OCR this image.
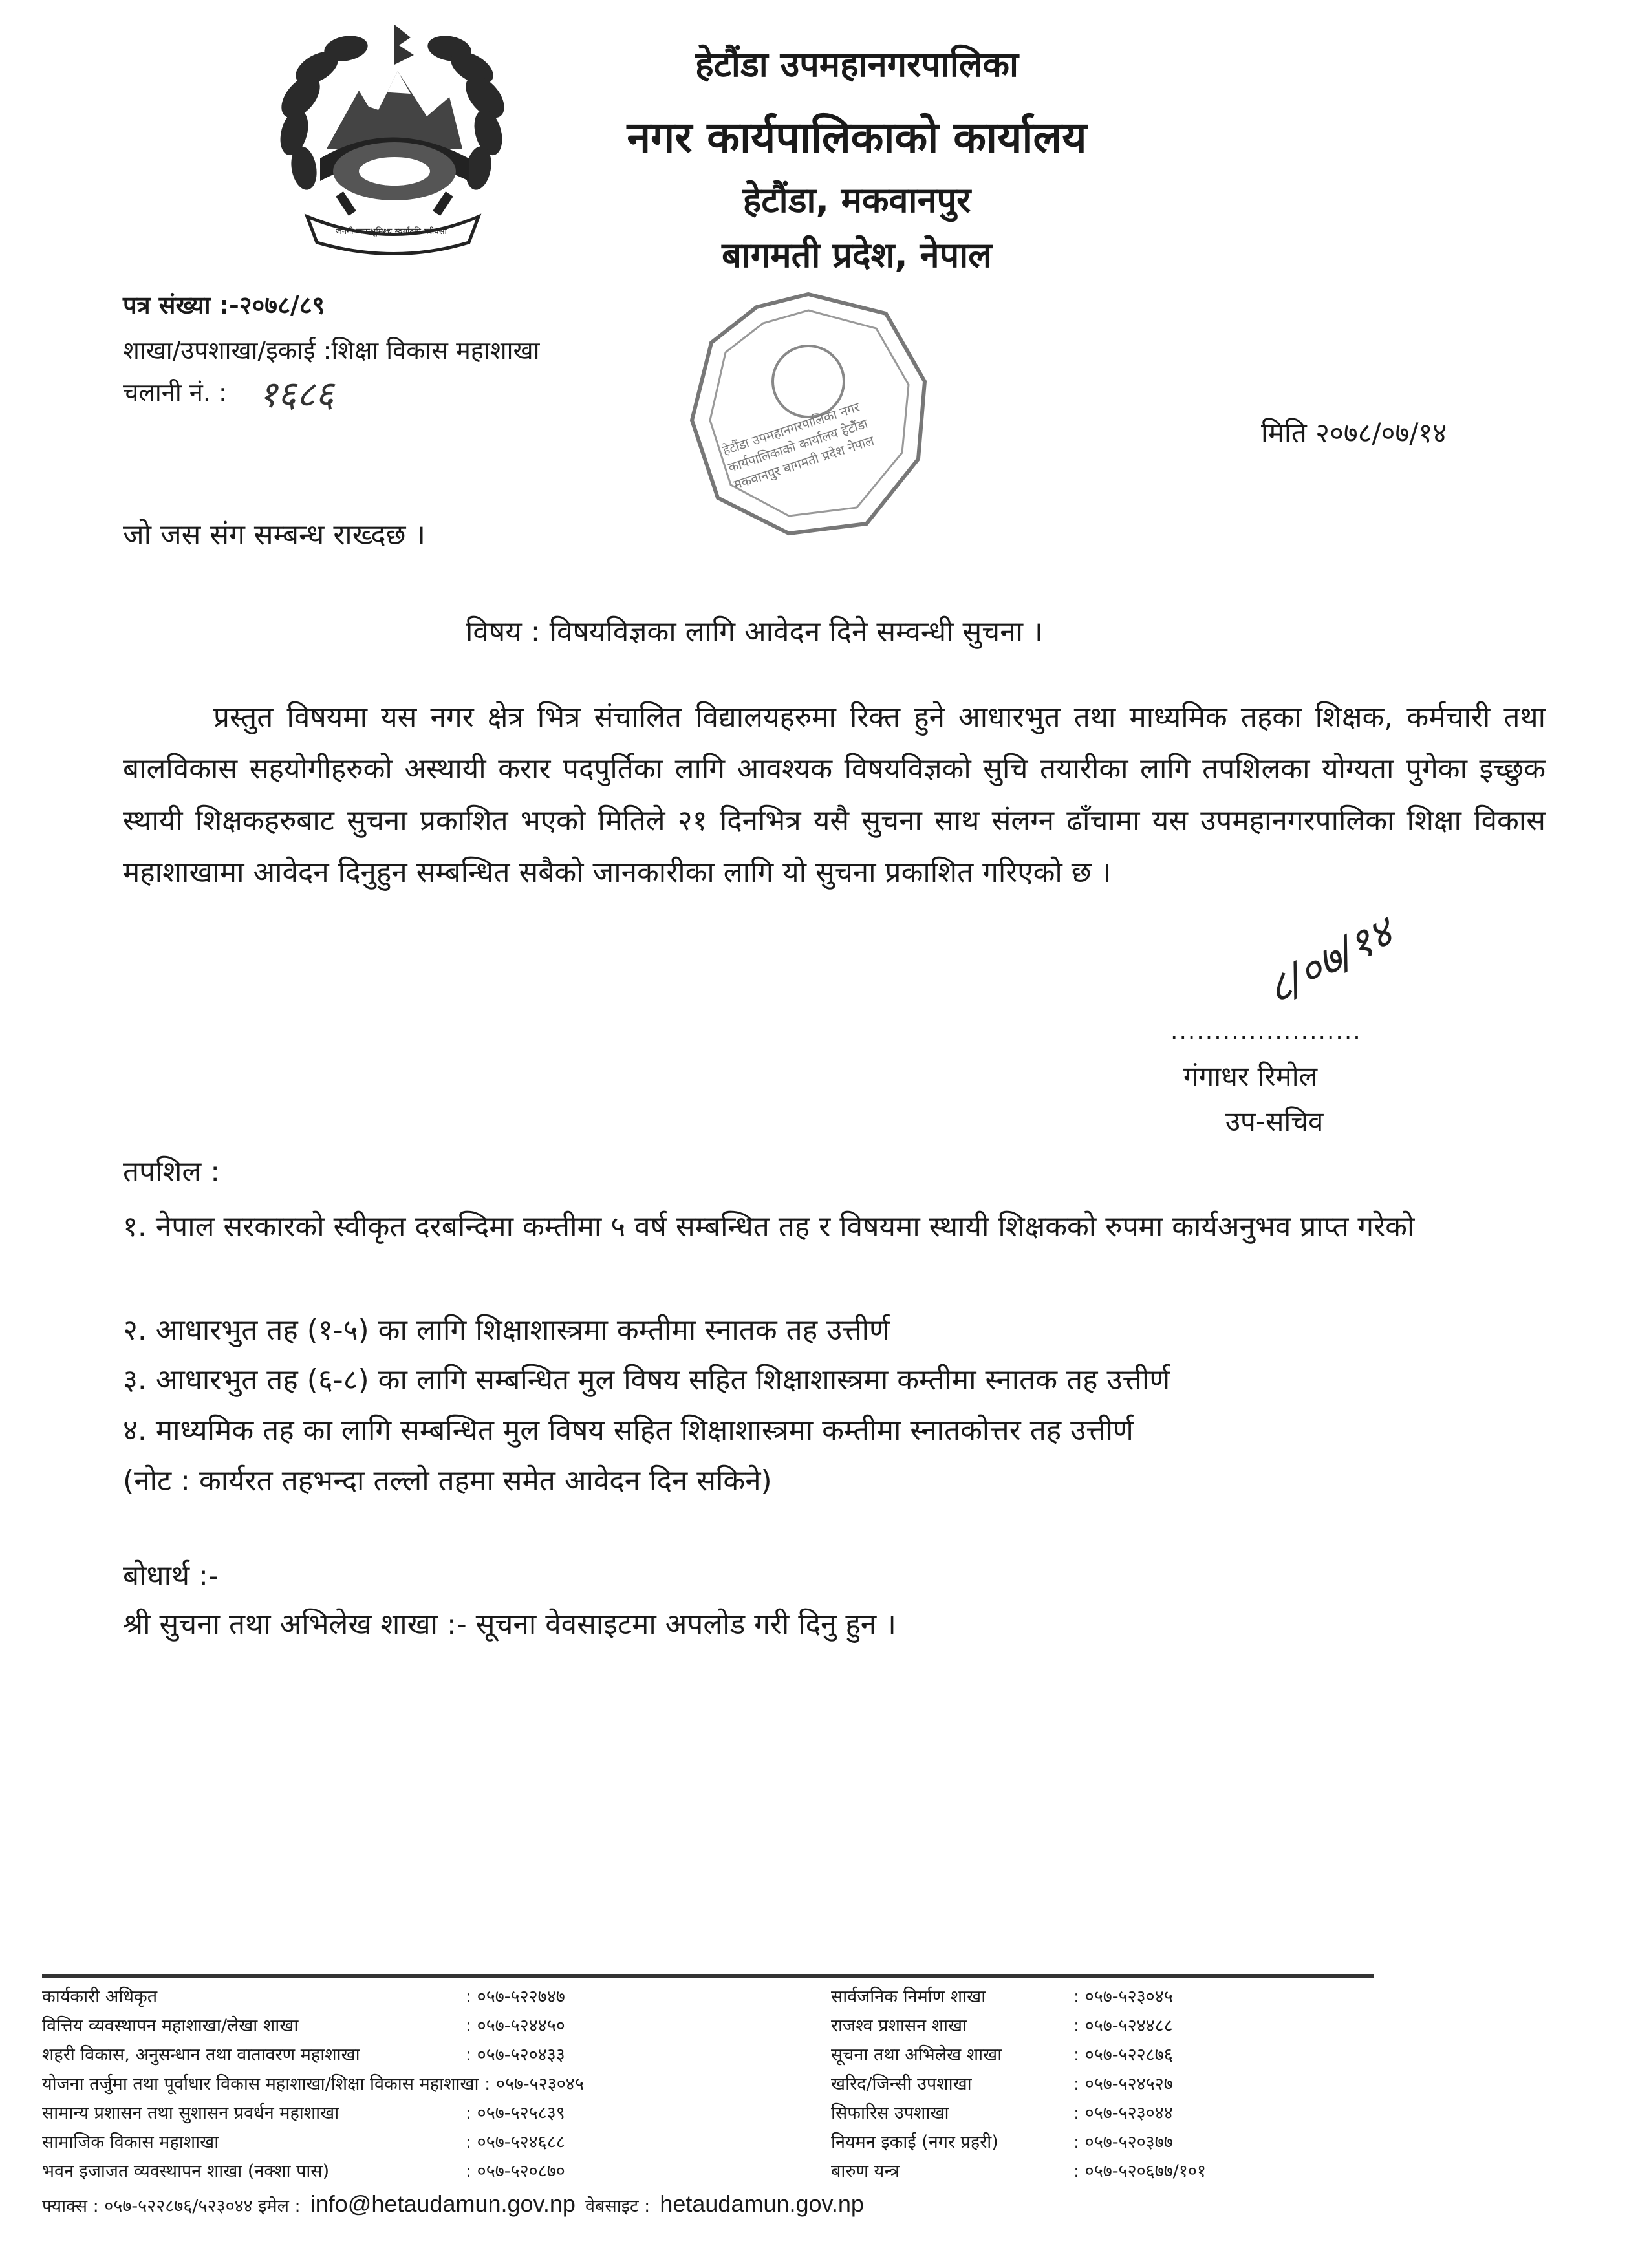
जननी जन्मभूमिश्च स्वर्गादपि गरीयसी
हेटौंडा उपमहानगरपालिका
नगर कार्यपालिकाको कार्यालय
हेटौंडा, मकवानपुर
बागमती प्रदेश, नेपाल
पत्र संख्या :-२०७८/८९
शाखा/उपशाखा/इकाई :शिक्षा विकास महाशाखा
चलानी नं. : १६८६
हेटौंडा उपमहानगरपालिका नगर कार्यपालिकाको कार्यालय हेटौंडा मकवानपुर बागमती प्रदेश नेपाल	मिति २०७८/०७/१४
जो जस संग सम्बन्ध राख्दछ ।
विषय : विषयविज्ञका लागि आवेदन दिने सम्वन्धी सुचना ।
प्रस्तुत विषयमा यस नगर क्षेत्र भित्र संचालित विद्यालयहरुमा रिक्त हुने आधारभुत तथा माध्यमिक तहका शिक्षक, कर्मचारी तथा बालविकास सहयोगीहरुको अस्थायी करार पदपुर्तिका लागि आवश्यक विषयविज्ञको सुचि तयारीका लागि तपशिलका योग्यता पुगेका इच्छुक स्थायी शिक्षकहरुबाट सुचना प्रकाशित भएको मितिले २१ दिनभित्र यसै सुचना साथ संलग्न ढाँचामा यस उपमहानगरपालिका शिक्षा विकास महाशाखामा आवेदन दिनुहुन सम्बन्धित सबैको जानकारीका लागि यो सुचना प्रकाशित गरिएको छ ।
८/०७/१४
......................
गंगाधर रिमोल
उप-सचिव
तपशिल :
१. नेपाल सरकारको स्वीकृत दरबन्दिमा कम्तीमा ५ वर्ष सम्बन्धित तह र विषयमा स्थायी शिक्षकको रुपमा कार्यअनुभव प्राप्त गरेको
२. आधारभुत तह (१-५) का लागि शिक्षाशास्त्रमा कम्तीमा स्नातक तह उत्तीर्ण
३. आधारभुत तह (६-८) का लागि सम्बन्धित मुल विषय सहित शिक्षाशास्त्रमा कम्तीमा स्नातक तह उत्तीर्ण
४. माध्यमिक तह का लागि सम्बन्धित मुल विषय सहित शिक्षाशास्त्रमा कम्तीमा स्नातकोत्तर तह उत्तीर्ण
(नोट : कार्यरत तहभन्दा तल्लो तहमा समेत आवेदन दिन सकिने)
बोधार्थ :-
श्री सुचना तथा अभिलेख शाखा :- सूचना वेवसाइटमा अपलोड गरी दिनु हुन ।
कार्यकारी अधिकृत	: ०५७-५२२७४७
वित्तिय व्यवस्थापन महाशाखा/लेखा शाखा	: ०५७-५२४४५०
शहरी विकास, अनुसन्धान तथा वातावरण महाशाखा	: ०५७-५२०४३३
योजना तर्जुमा तथा पूर्वाधार विकास महाशाखा/शिक्षा विकास महाशाखा : ०५७-५२३०४५
सामान्य प्रशासन तथा सुशासन प्रवर्धन महाशाखा	: ०५७-५२५८३९
सामाजिक विकास महाशाखा	: ०५७-५२४६८८
भवन इजाजत व्यवस्थापन शाखा (नक्शा पास)	: ०५७-५२०८७०
सार्वजनिक निर्माण शाखा	: ०५७-५२३०४५
राजश्व प्रशासन शाखा	: ०५७-५२४४८८
सूचना तथा अभिलेख शाखा	: ०५७-५२२८७६
खरिद/जिन्सी उपशाखा	: ०५७-५२४५२७
सिफारिस उपशाखा	: ०५७-५२३०४४
नियमन इकाई (नगर प्रहरी)	: ०५७-५२०३७७
बारुण यन्त्र	: ०५७-५२०६७७/१०१
फ्याक्स : ०५७-५२२८७६/५२३०४४ इमेल : info@hetaudamun.gov.np वेबसाइट : hetaudamun.gov.np
